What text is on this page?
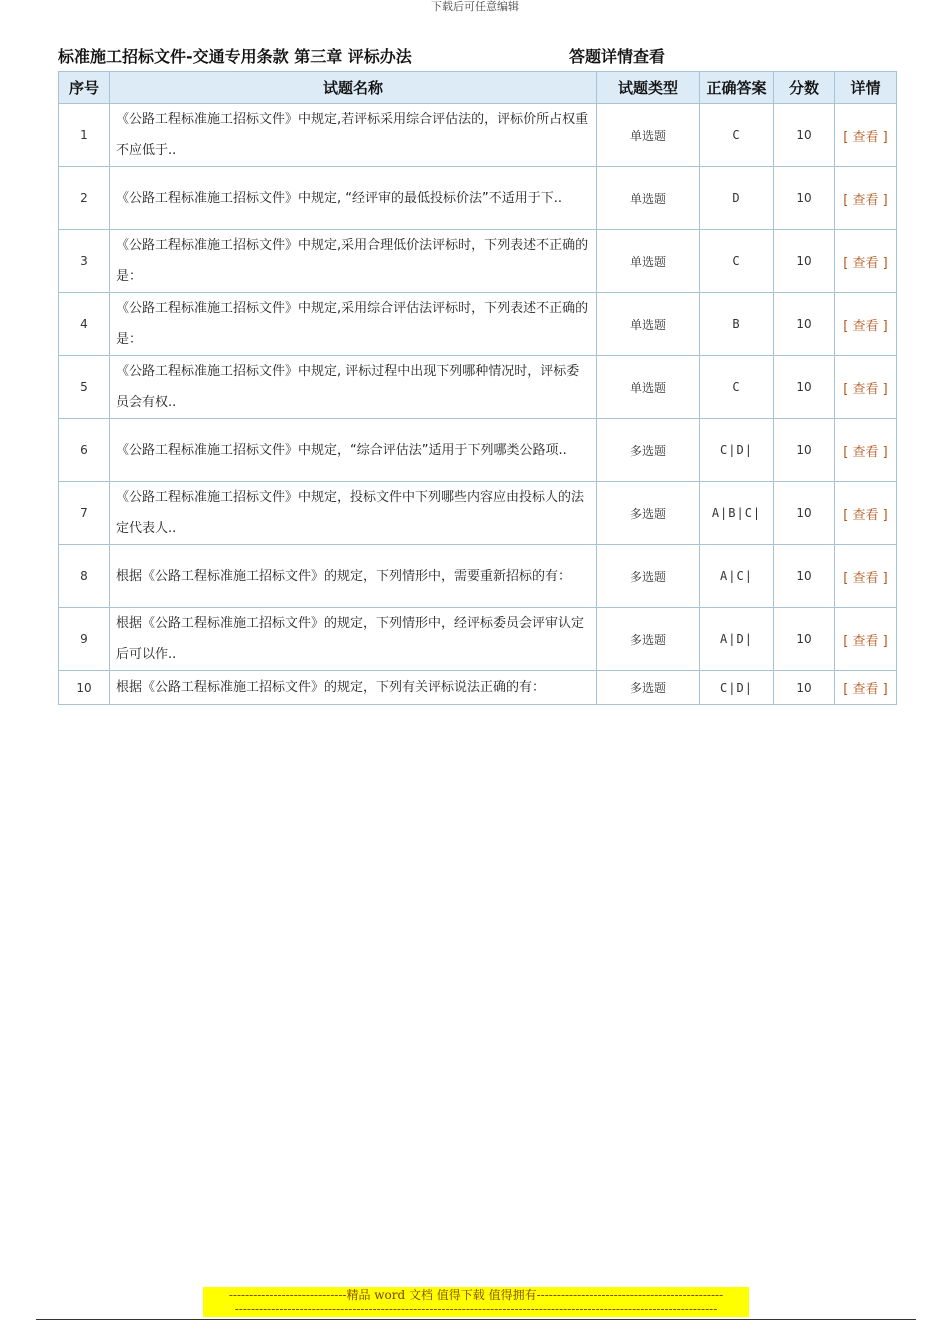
下载后可任意编辑
标准施工招标文件-交通专用条款 第三章 评标办法	答题详情查看
序号	试题名称	试题类型	正确答案	分数	详情
1	《公路工程标准施工招标文件》中规定,若评标采用综合评估法的，评标价所占权重不应低于..	单选题	C	10	[ 查看 ]
2	《公路工程标准施工招标文件》中规定, “经评审的最低投标价法”不适用于下..	单选题	D	10	[ 查看 ]
3	《公路工程标准施工招标文件》中规定,采用合理低价法评标时，下列表述不正确的是：	单选题	C	10	[ 查看 ]
4	《公路工程标准施工招标文件》中规定,采用综合评估法评标时，下列表述不正确的是：	单选题	B	10	[ 查看 ]
5	《公路工程标准施工招标文件》中规定, 评标过程中出现下列哪种情况时，评标委员会有权..	单选题	C	10	[ 查看 ]
6	《公路工程标准施工招标文件》中规定，“综合评估法”适用于下列哪类公路项..	多选题	C|D|	10	[ 查看 ]
7	《公路工程标准施工招标文件》中规定，投标文件中下列哪些内容应由投标人的法定代表人..	多选题	A|B|C|	10	[ 查看 ]
8	根据《公路工程标准施工招标文件》的规定，下列情形中，需要重新招标的有：	多选题	A|C|	10	[ 查看 ]
9	根据《公路工程标准施工招标文件》的规定，下列情形中，经评标委员会评审认定后可以作..	多选题	A|D|	10	[ 查看 ]
10	根据《公路工程标准施工招标文件》的规定，下列有关评标说法正确的有：	多选题	C|D|	10	[ 查看 ]
-----------------------------精品 word 文档 值得下载 值得拥有----------------------------------------------
-----------------------------------------------------------------------------------------------------------------------
